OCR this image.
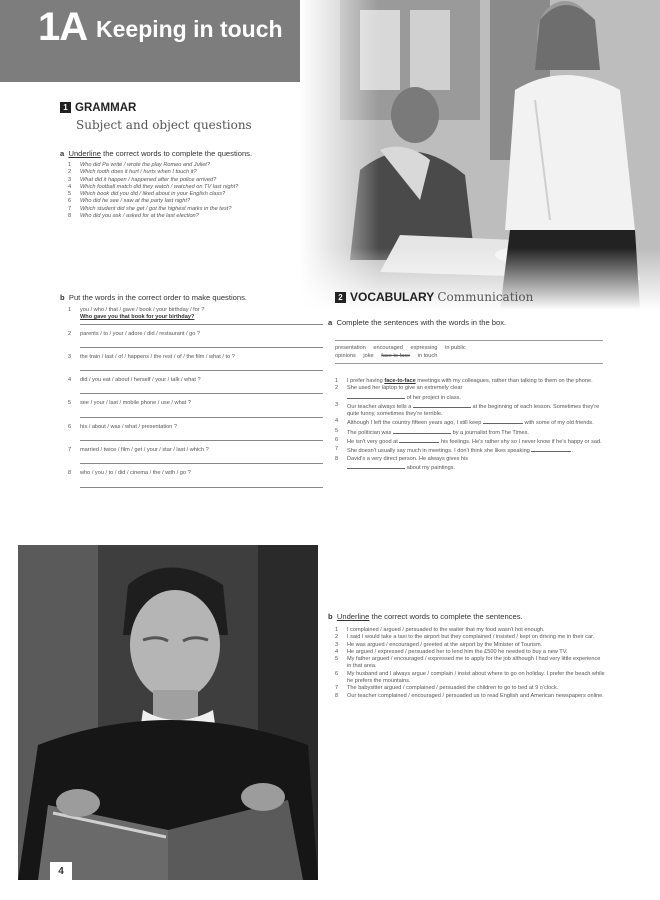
1A Keeping in touch
1 GRAMMAR
Subject and object questions
a Underline the correct words to complete the questions.
1 Who did Pa write / wrote the play Romeo and Juliet?
2 Which tooth does it hurt / hurts when I touch it?
3 What did it happen / happened after the police arrived?
4 Which football match did they watch / watched on TV last night?
5 Which book did you did / liked about in your English class?
6 Who did he see / saw at the party last night?
7 Which student did she get / got the highest marks in the test?
8 Who did you ask / asked for at the last election?
b Put the words in the correct order to make questions.
1 you / who / that / gave / book / your birthday / for ?
Who gave you that book for your birthday?
2 parents / to / your / adore / did / restaurant / go ?
3 the train / last / of / happens / the rest / of / the film / what / to ?
4 did / you eat / about / herself / your / talk / what ?
5 see / your / last / mobile phone / use / what ?
6 his / about / was / what / presentation ?
7 married / twice / film / get / your / star / last / which ?
8 who / you / to / did / cinema / the / with / go ?
4
2 VOCABULARY Communication
a Complete the sentences with the words in the box.
presentation encouraged expressing in public
opinions joke face to face in touch
1 I prefer having face-to-face meetings with my colleagues, rather than talking to them on the phone.
2 She used her laptop to give an extremely clear
of her project in class.
3 Our teacher always tells a	at the beginning of each lesson. Sometimes they're quite funny, sometimes they're terrible.
4 Although I left the country fifteen years ago, I still keep	with some of my old friends.
5 The politician was	by a journalist from The Times.
6 He isn't very good at	his feelings. He's rather shy so I never know if he's happy or sad.
7 She doesn't usually say much in meetings. I don't think she likes speaking	.
8 David's a very direct person. He always gives his
about my paintings.
b Underline the correct words to complete the sentences.
1 I complained / argued / persuaded to the waiter that my food wasn't hot enough.
2 I said I would take a taxi to the airport but they complained / insisted / kept on driving me in their car.
3 He was argued / encouraged / greeted at the airport by the Minister of Tourism.
4 He argued / expressed / persuaded her to lend him the £500 he needed to buy a new TV.
5 My father argued / encouraged / expressed me to apply for the job although I had very little experience in that area.
6 My husband and I always argue / complain / insist about where to go on holiday. I prefer the beach while he prefers the mountains.
7 The babysitter argued / complained / persuaded the children to go to bed at 9 o'clock.
8 Our teacher complained / encouraged / persuaded us to read English and American newspapers online.
